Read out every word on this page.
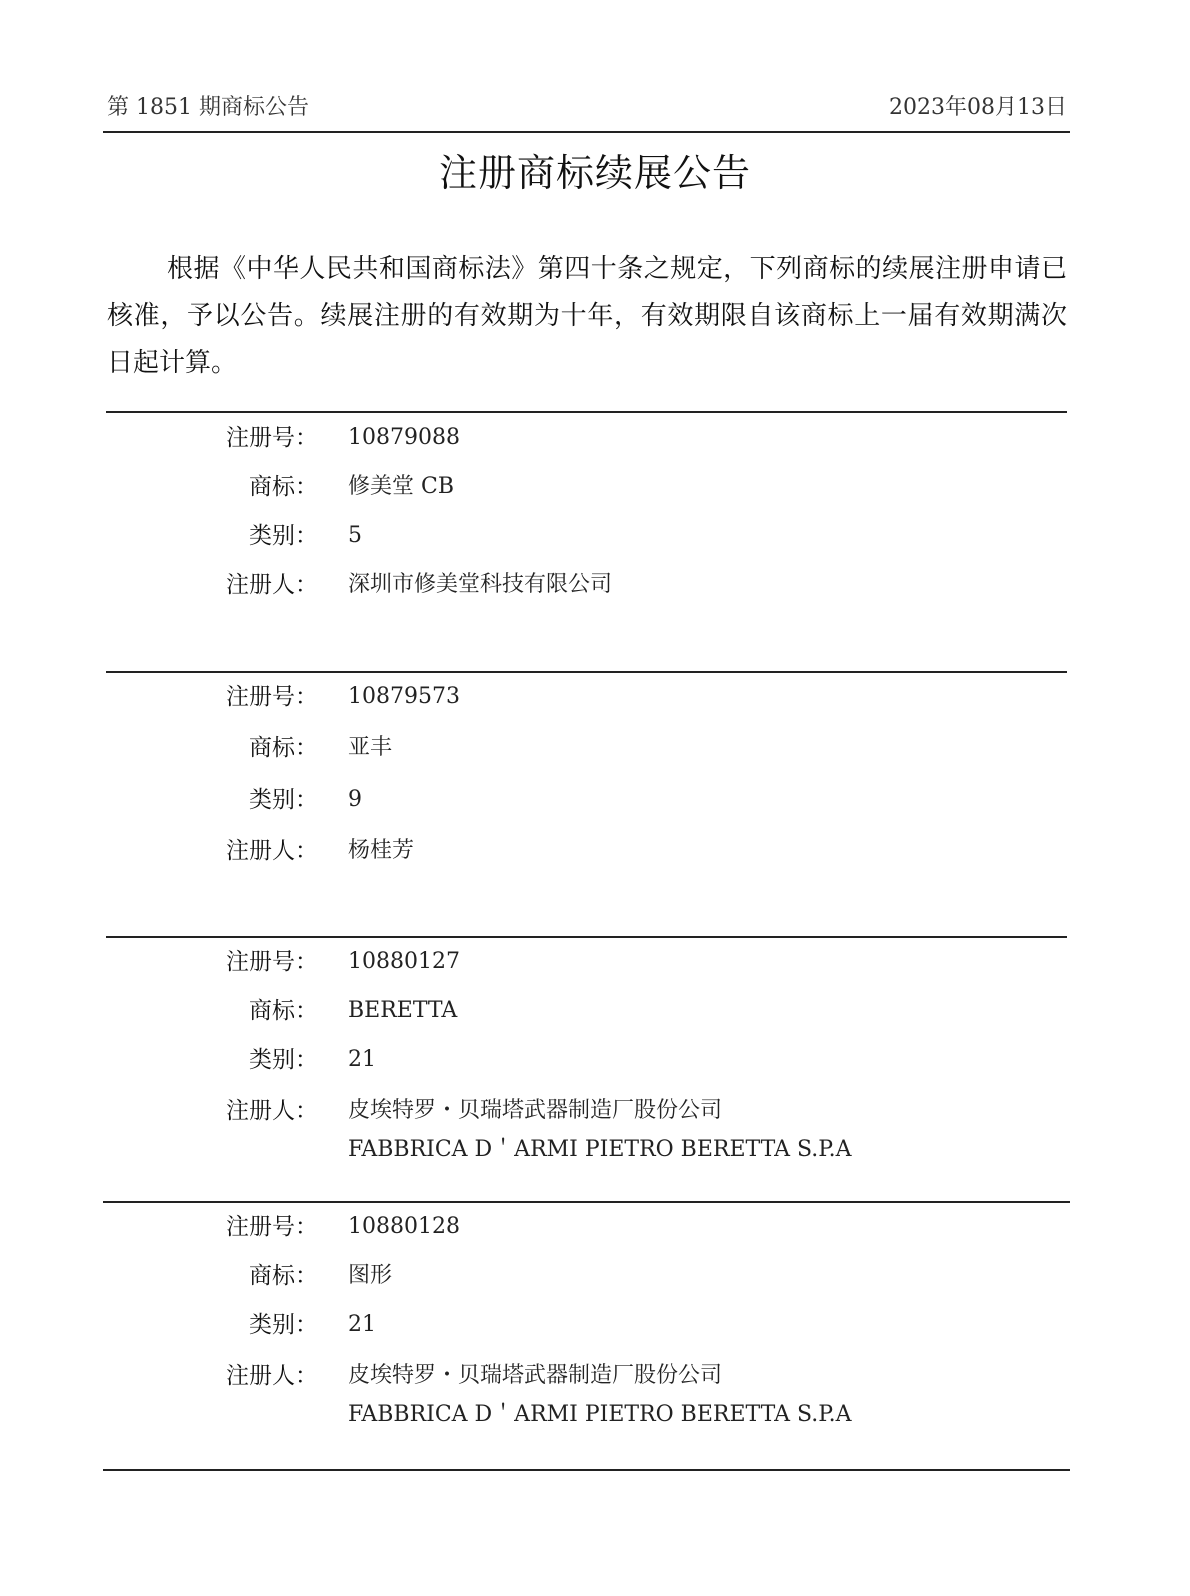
第 1851 期商标公告	2023年08月13日
注册商标续展公告
根据《中华人民共和国商标法》第四十条之规定，下列商标的续展注册申请已核准，予以公告。续展注册的有效期为十年，有效期限自该商标上一届有效期满次日起计算。
注册号： 10879088
商标： 修美堂 CB
类别： 5
注册人： 深圳市修美堂科技有限公司
注册号： 10879573
商标： 亚丰
类别： 9
注册人： 杨桂芳
注册号： 10880127
商标： BERETTA
类别： 21
注册人： 皮埃特罗・贝瑞塔武器制造厂股份公司
FABBRICA D＇ARMI PIETRO BERETTA S.P.A
注册号： 10880128
商标： 图形
类别： 21
注册人： 皮埃特罗・贝瑞塔武器制造厂股份公司
FABBRICA D＇ARMI PIETRO BERETTA S.P.A
